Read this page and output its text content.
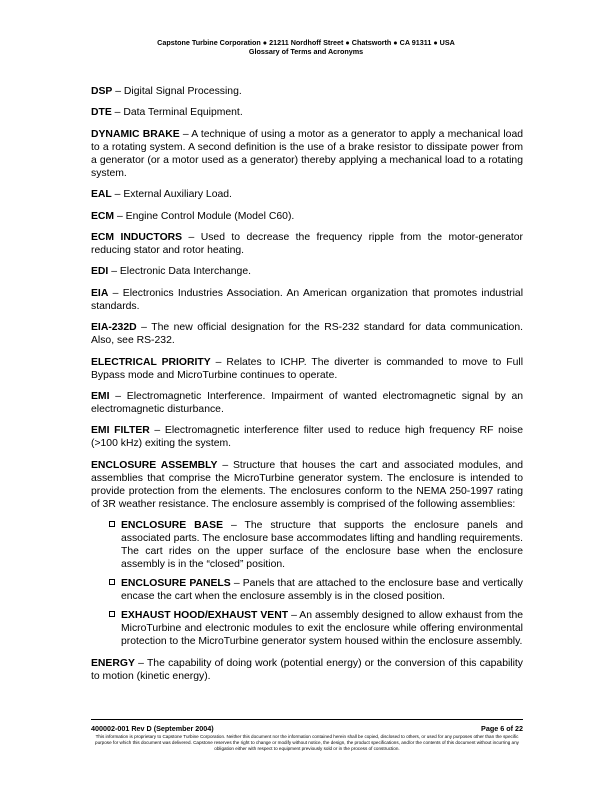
Capstone Turbine Corporation ● 21211 Nordhoff Street ● Chatsworth ● CA 91311 ● USA
Glossary of Terms and Acronyms

DSP – Digital Signal Processing.

DTE – Data Terminal Equipment.

DYNAMIC BRAKE – A technique of using a motor as a generator to apply a mechanical load to a rotating system. A second definition is the use of a brake resistor to dissipate power from a generator (or a motor used as a generator) thereby applying a mechanical load to a rotating system.

EAL – External Auxiliary Load.

ECM – Engine Control Module (Model C60).

ECM INDUCTORS – Used to decrease the frequency ripple from the motor-generator reducing stator and rotor heating.

EDI – Electronic Data Interchange.

EIA – Electronics Industries Association. An American organization that promotes industrial standards.

EIA-232D – The new official designation for the RS-232 standard for data communication. Also, see RS-232.

ELECTRICAL PRIORITY – Relates to ICHP. The diverter is commanded to move to Full Bypass mode and MicroTurbine continues to operate.

EMI – Electromagnetic Interference. Impairment of wanted electromagnetic signal by an electromagnetic disturbance.

EMI FILTER – Electromagnetic interference filter used to reduce high frequency RF noise (>100 kHz) exiting the system.

ENCLOSURE ASSEMBLY – Structure that houses the cart and associated modules, and assemblies that comprise the MicroTurbine generator system. The enclosure is intended to provide protection from the elements. The enclosures conform to the NEMA 250-1997 rating of 3R weather resistance. The enclosure assembly is comprised of the following assemblies:

ENCLOSURE BASE – The structure that supports the enclosure panels and associated parts. The enclosure base accommodates lifting and handling requirements. The cart rides on the upper surface of the enclosure base when the enclosure assembly is in the “closed” position.
ENCLOSURE PANELS – Panels that are attached to the enclosure base and vertically encase the cart when the enclosure assembly is in the closed position.
EXHAUST HOOD/EXHAUST VENT – An assembly designed to allow exhaust from the MicroTurbine and electronic modules to exit the enclosure while offering environmental protection to the MicroTurbine generator system housed within the enclosure assembly.

ENERGY – The capability of doing work (potential energy) or the conversion of this capability to motion (kinetic energy).

400002-001 Rev D (September 2004)	Page 6 of 22
This information is proprietary to Capstone Turbine Corporation. Neither this document nor the information contained herein shall be copied, disclosed to others, or used for any purposes other than the specific purpose for which this document was delivered. Capstone reserves the right to change or modify without notice, the design, the product specifications, and/or the contents of this document without incurring any obligation either with respect to equipment previously sold or in the process of construction.
